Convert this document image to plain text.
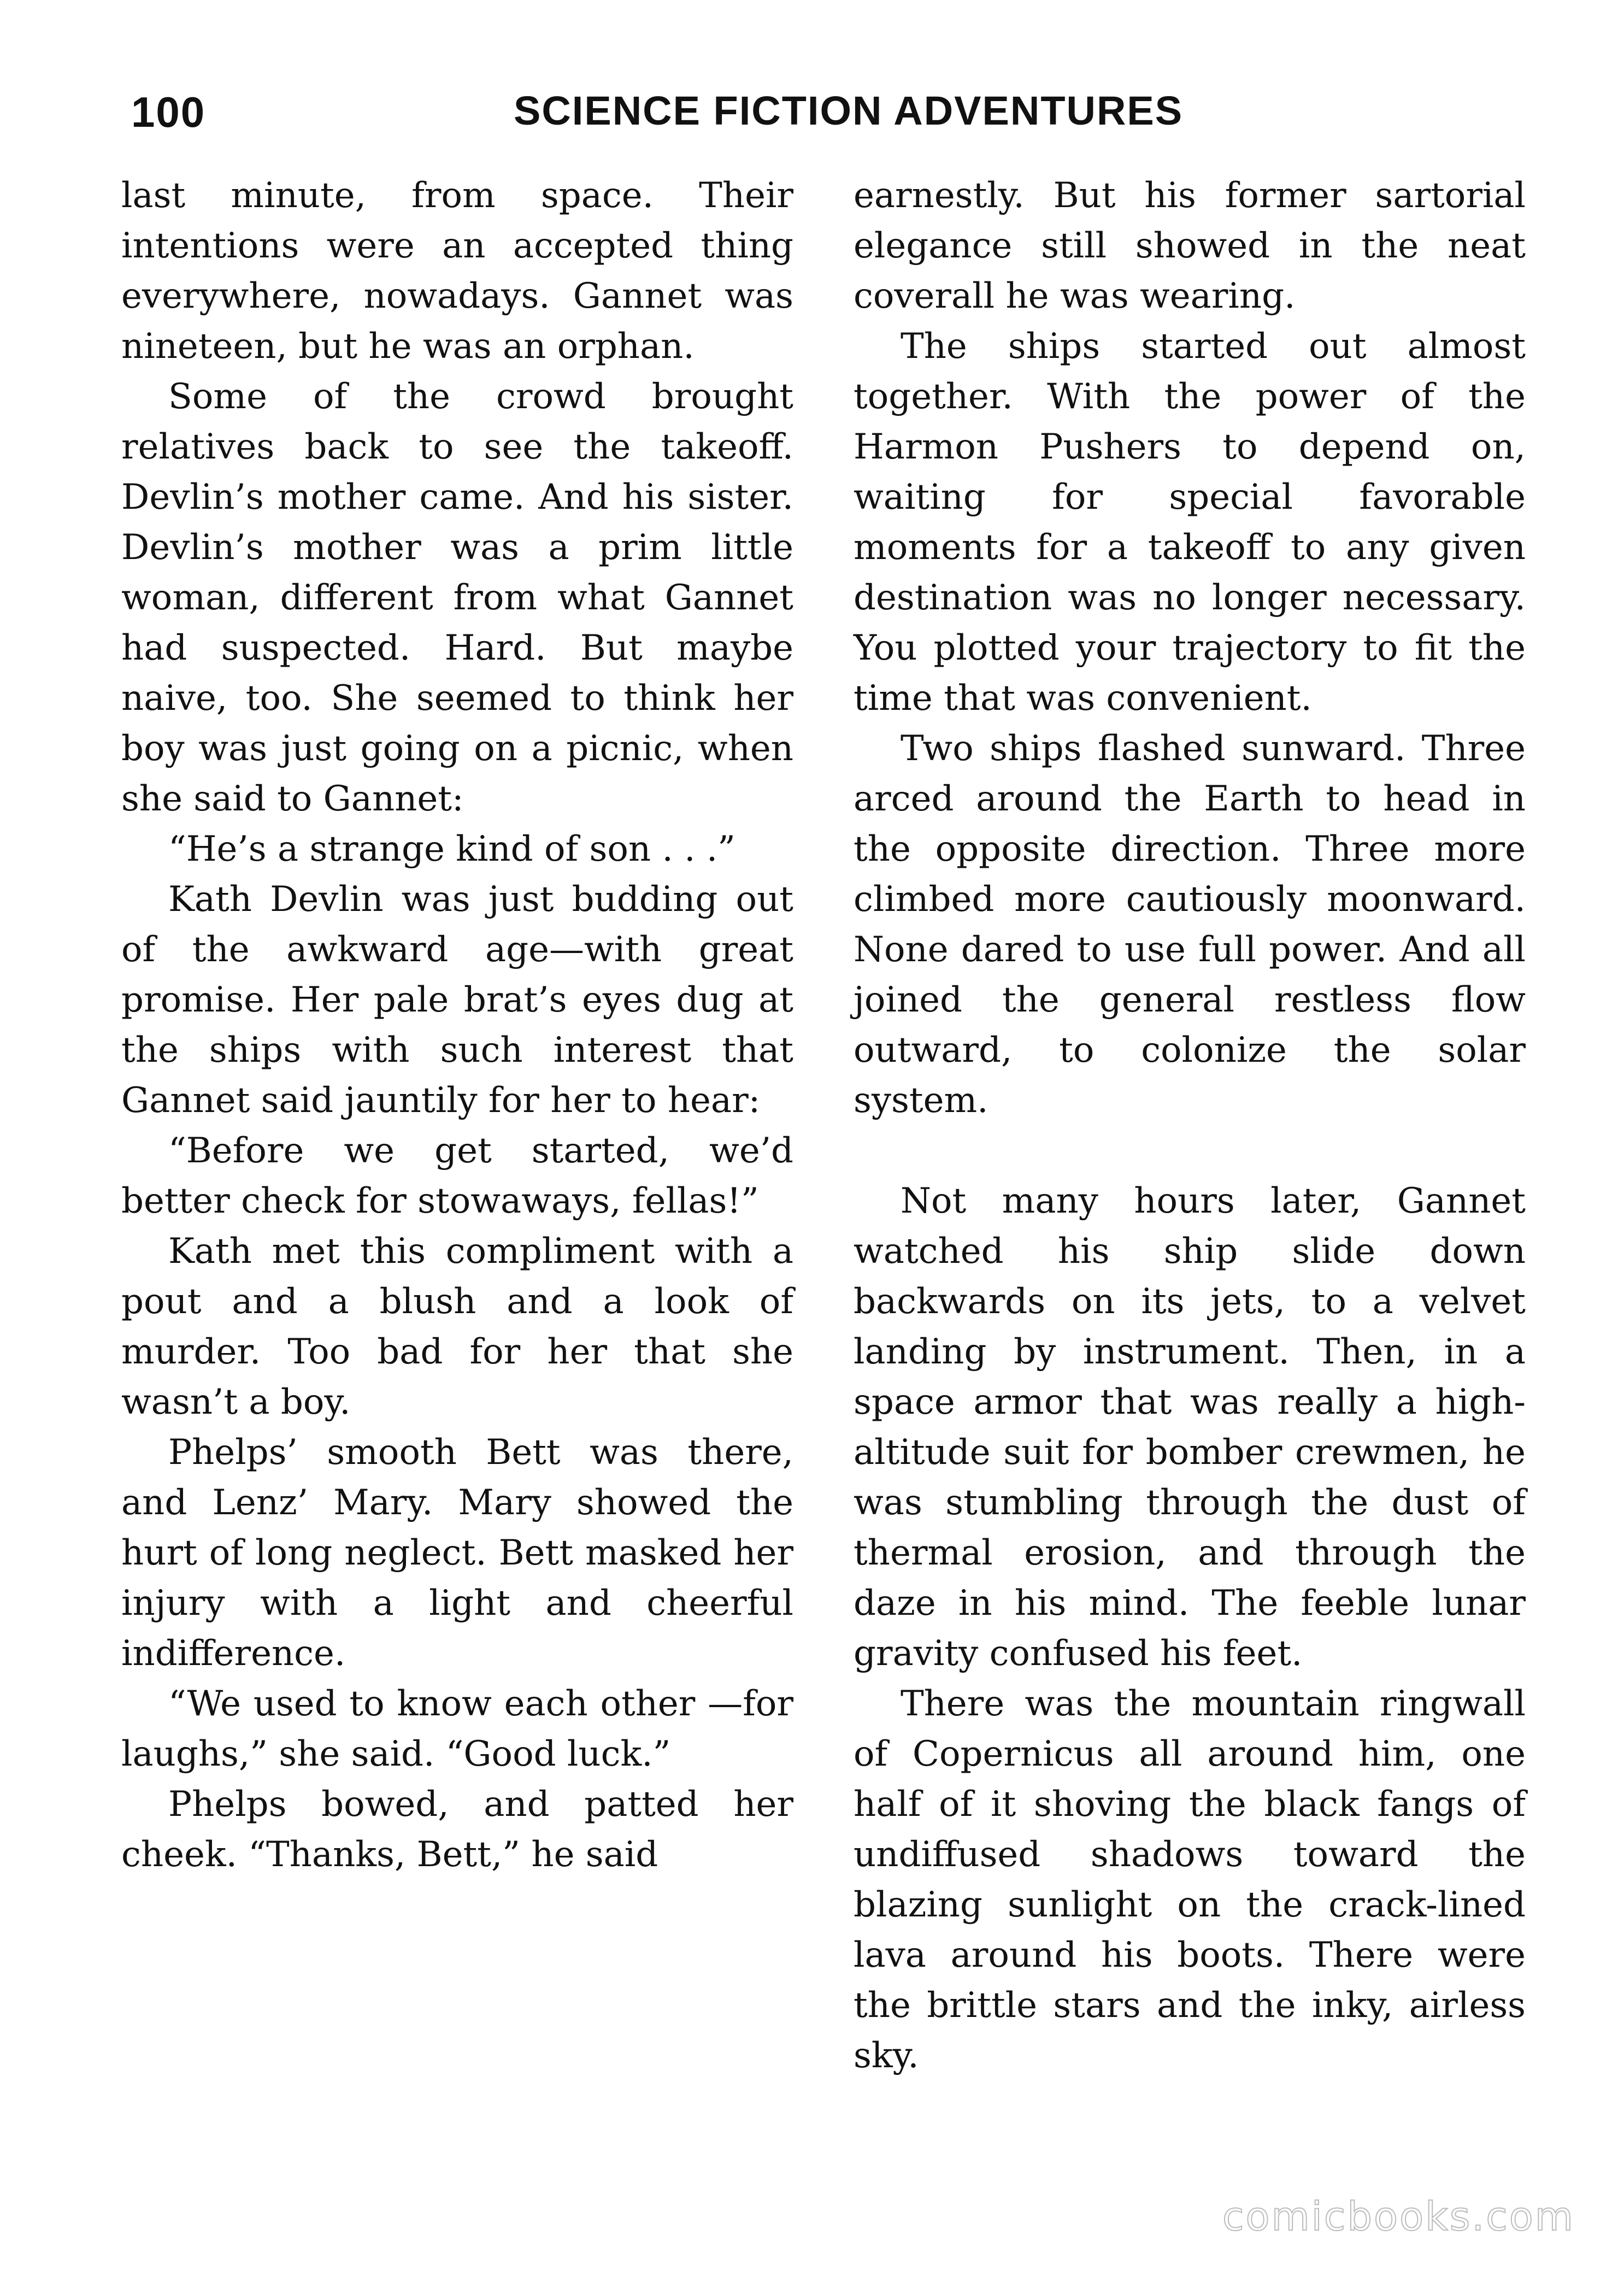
100	SCIENCE FICTION ADVENTURES

last minute, from space. Their intentions were an accepted thing everywhere, nowadays. Gannet was nineteen, but he was an orphan.

Some of the crowd brought relatives back to see the takeoff. Devlin’s mother came. And his sister. Devlin’s mother was a prim little woman, different from what Gannet had suspected. Hard. But maybe naive, too. She seemed to think her boy was just going on a picnic, when she said to Gannet:

“He’s a strange kind of son . . .”

Kath Devlin was just budding out of the awkward age—with great promise. Her pale brat’s eyes dug at the ships with such interest that Gannet said jauntily for her to hear:

“Before we get started, we’d better check for stowaways, fellas!”

Kath met this compliment with a pout and a blush and a look of murder. Too bad for her that she wasn’t a boy.

Phelps’ smooth Bett was there, and Lenz’ Mary. Mary showed the hurt of long neglect. Bett masked her injury with a light and cheerful indifference.

“We used to know each other —for laughs,” she said. “Good luck.”

Phelps bowed, and patted her cheek. “Thanks, Bett,” he said

earnestly. But his former sartorial elegance still showed in the neat coverall he was wearing.

The ships started out almost together. With the power of the Harmon Pushers to depend on, waiting for special favorable moments for a takeoff to any given destination was no longer necessary. You plotted your trajectory to fit the time that was convenient.

Two ships flashed sunward. Three arced around the Earth to head in the opposite direction. Three more climbed more cautiously moonward. None dared to use full power. And all joined the general restless flow outward, to colonize the solar system.

Not many hours later, Gannet watched his ship slide down backwards on its jets, to a velvet landing by instrument. Then, in a space armor that was really a high-altitude suit for bomber crewmen, he was stumbling through the dust of thermal erosion, and through the daze in his mind. The feeble lunar gravity confused his feet.

There was the mountain ringwall of Copernicus all around him, one half of it shoving the black fangs of undiffused shadows toward the blazing sunlight on the crack-lined lava around his boots. There were the brittle stars and the inky, airless sky.

comicbooks.com
